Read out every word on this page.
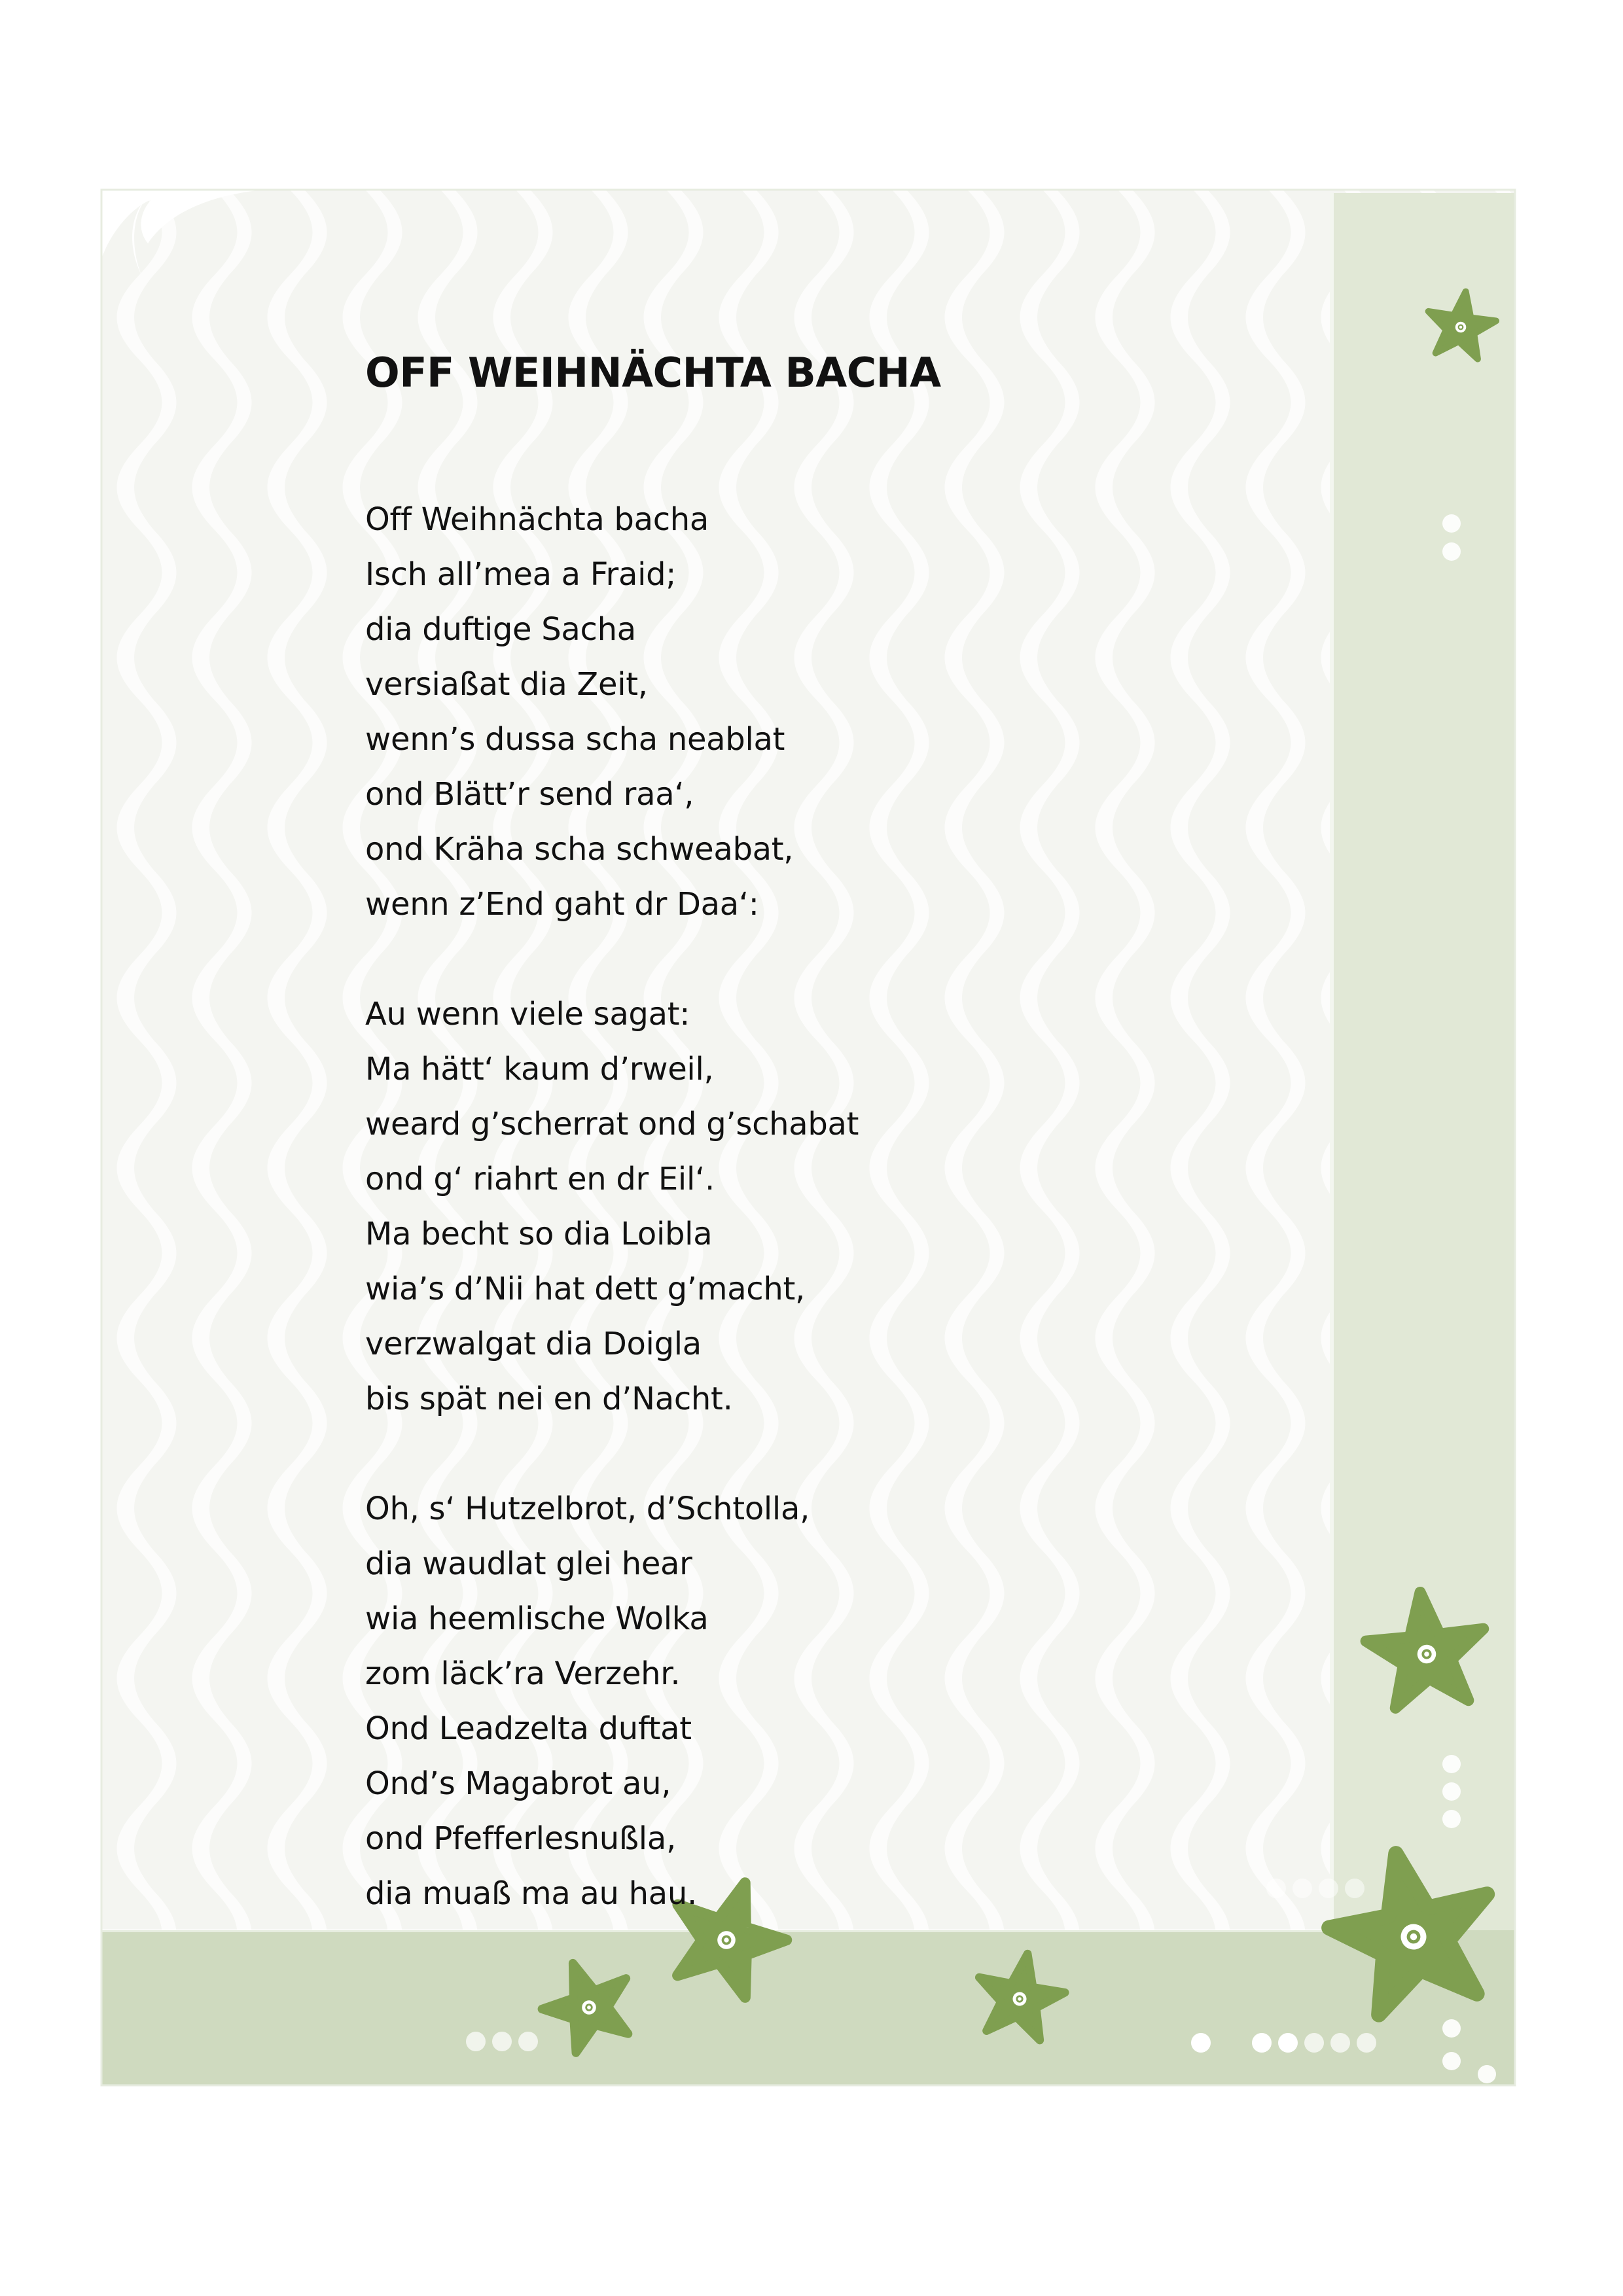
OFF WEIHNÄCHTA BACHA
Off Weihnächta bacha
Isch all’mea a Fraid;
dia duftige Sacha
versiaßat dia Zeit,
wenn’s dussa scha neablat
ond Blätt’r send raa‘,
ond Kräha scha schweabat,
wenn z’End gaht dr Daa‘:
Au wenn viele sagat:
Ma hätt‘ kaum d’rweil,
weard g’scherrat ond g’schabat
ond g‘ riahrt en dr Eil‘.
Ma becht so dia Loibla
wia’s d’Nii hat dett g’macht,
verzwalgat dia Doigla
bis spät nei en d’Nacht.
Oh, s‘ Hutzelbrot, d’Schtolla,
dia waudlat glei hear
wia heemlische Wolka
zom läck’ra Verzehr.
Ond Leadzelta duftat
Ond’s Magabrot au,
ond Pfefferlesnußla,
dia muaß ma au hau.
